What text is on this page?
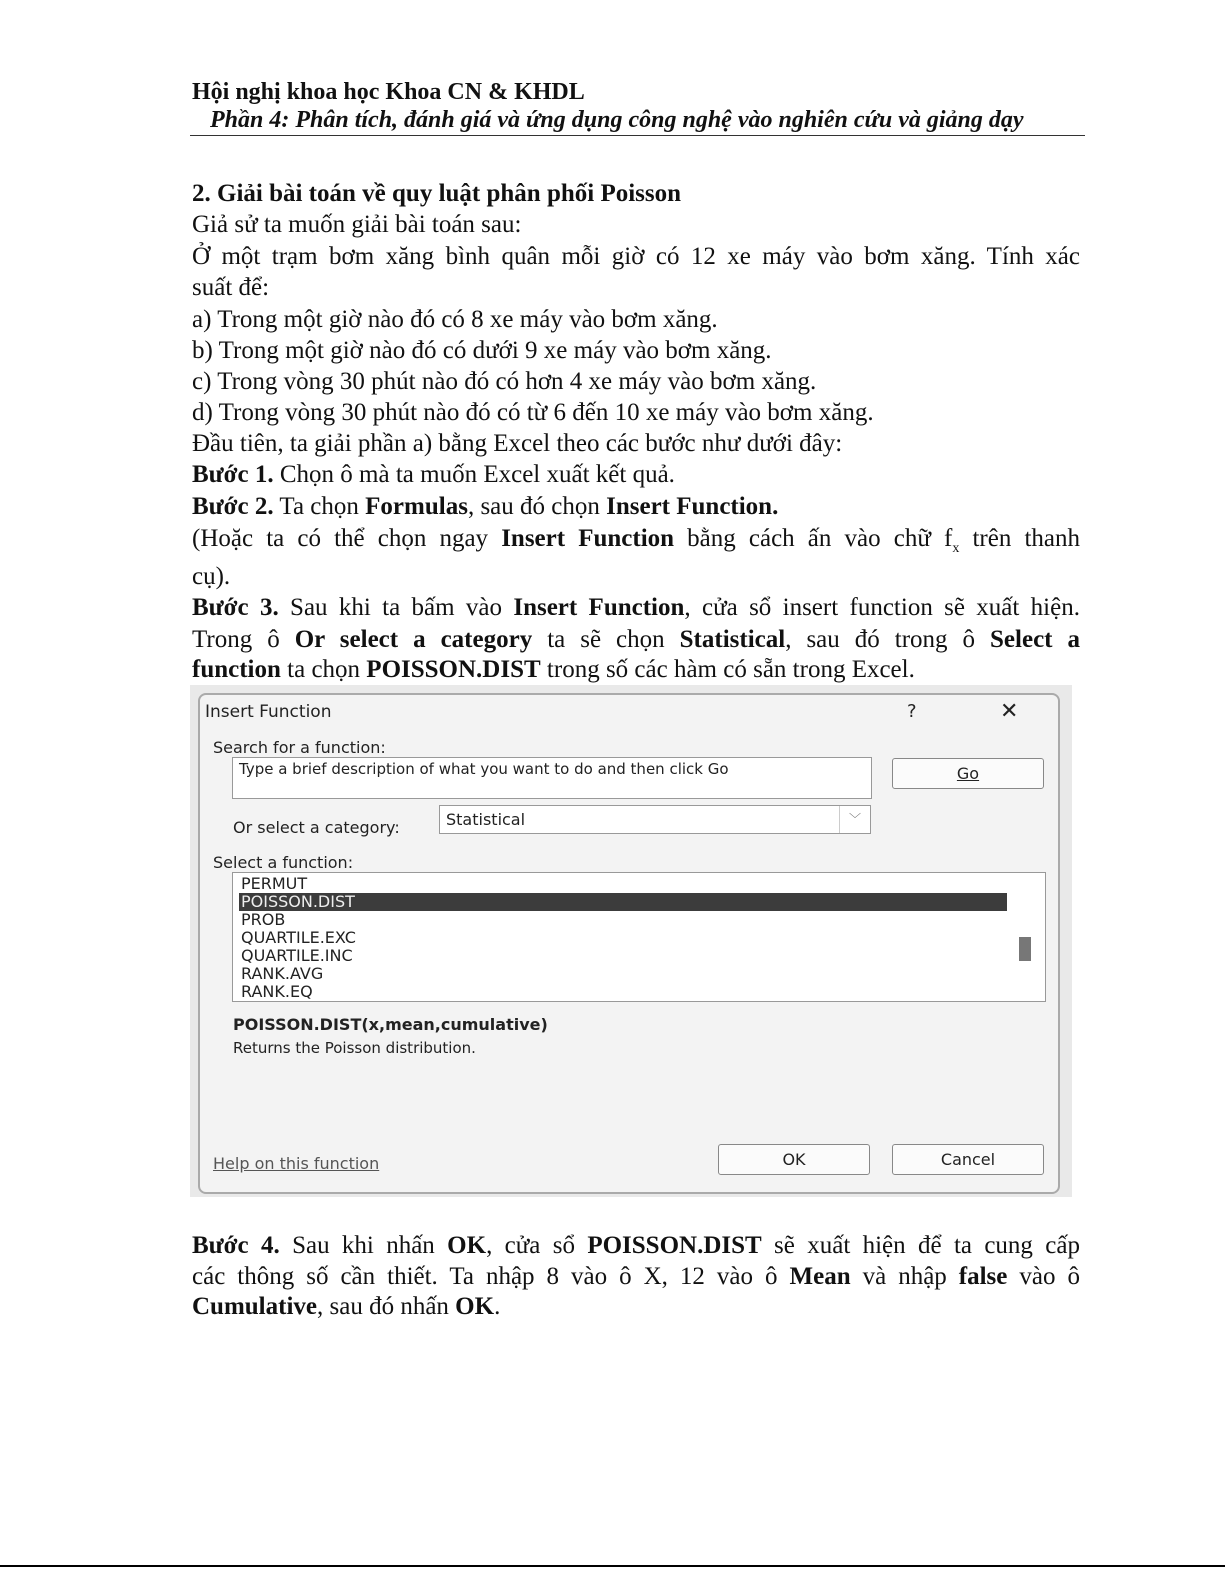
Hội nghị khoa học Khoa CN & KHDL
Phần 4: Phân tích, đánh giá và ứng dụng công nghệ vào nghiên cứu và giảng dạy
2. Giải bài toán về quy luật phân phối Poisson
Giả sử ta muốn giải bài toán sau:
Ở một trạm bơm xăng bình quân mỗi giờ có 12 xe máy vào bơm xăng. Tính xác
suất để:
a) Trong một giờ nào đó có 8 xe máy vào bơm xăng.
b) Trong một giờ nào đó có dưới 9 xe máy vào bơm xăng.
c) Trong vòng 30 phút nào đó có hơn 4 xe máy vào bơm xăng.
d) Trong vòng 30 phút nào đó có từ 6 đến 10 xe máy vào bơm xăng.
Đầu tiên, ta giải phần a) bằng Excel theo các bước như dưới đây:
Bước 1. Chọn ô mà ta muốn Excel xuất kết quả.
Bước 2. Ta chọn Formulas, sau đó chọn Insert Function.
(Hoặc ta có thể chọn ngay Insert Function bằng cách ấn vào chữ $f_x$ trên thanh
cụ).
Bước 3. Sau khi ta bấm vào Insert Function, cửa sổ insert function sẽ xuất hiện.
Trong ô Or select a category ta sẽ chọn Statistical, sau đó trong ô Select a
function ta chọn POISSON.DIST trong số các hàm có sẵn trong Excel.
Insert Function	?	✕
Search for a function:
Type a brief description of what you want to do and then click Go	Go
Or select a category:	Statistical	﹀
Select a function:
PERMUT
POISSON.DIST
PROB
QUARTILE.EXC
QUARTILE.INC
RANK.AVG
RANK.EQ
POISSON.DIST(x,mean,cumulative)
Returns the Poisson distribution.
Help on this function	OK	Cancel
Bước 4. Sau khi nhấn OK, cửa sổ POISSON.DIST sẽ xuất hiện để ta cung cấp
các thông số cần thiết. Ta nhập 8 vào ô X, 12 vào ô Mean và nhập false vào ô
Cumulative, sau đó nhấn OK.
